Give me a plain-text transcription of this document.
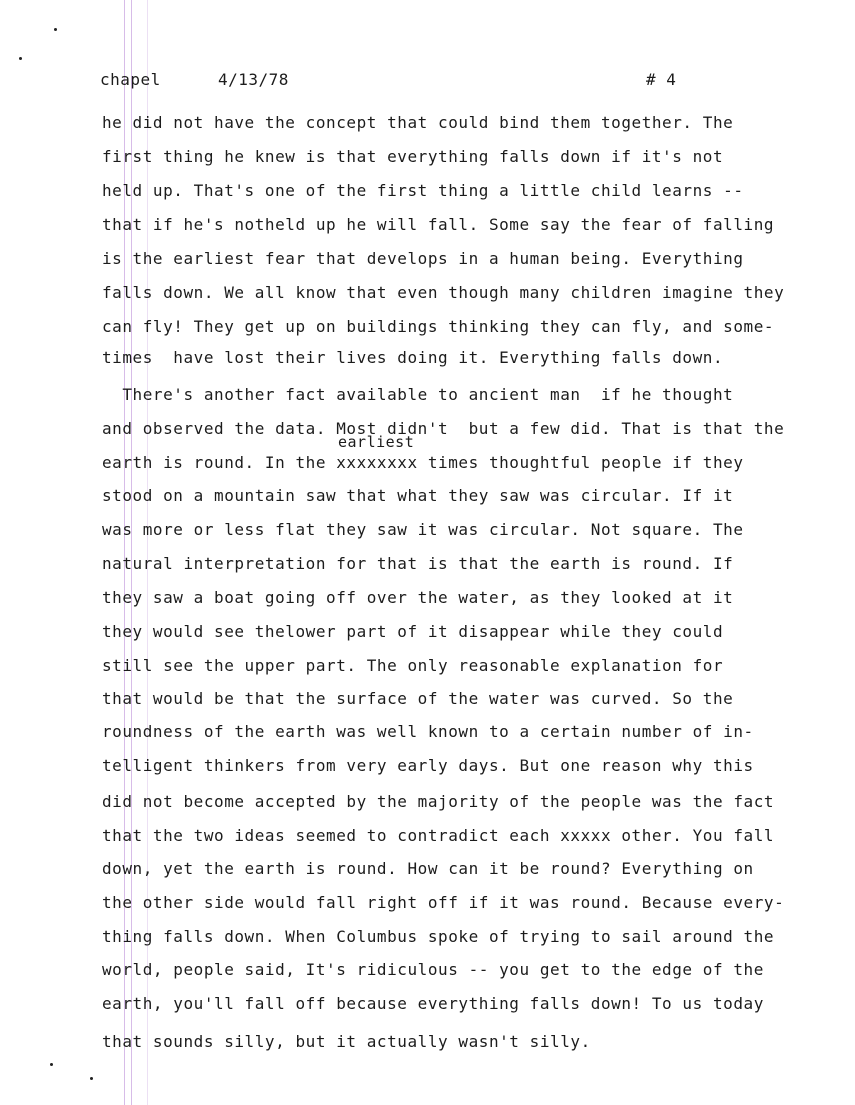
chapel	4/13/78	# 4
earliest
he did not have the concept that could bind them together. The
first thing he knew is that everything falls down if it's not
held up. That's one of the first thing a little child learns --
that if he's notheld up he will fall. Some say the fear of falling
is the earliest fear that develops in a human being. Everything
falls down. We all know that even though many children imagine they
can fly! They get up on buildings thinking they can fly, and some-
times  have lost their lives doing it. Everything falls down.
There's another fact available to ancient man  if he thought
and observed the data. Most didn't  but a few did. That is that the
earth is round. In the xxxxxxxx times thoughtful people if they
stood on a mountain saw that what they saw was circular. If it
was more or less flat they saw it was circular. Not square. The
natural interpretation for that is that the earth is round. If
they saw a boat going off over the water, as they looked at it
they would see thelower part of it disappear while they could
still see the upper part. The only reasonable explanation for
that would be that the surface of the water was curved. So the
roundness of the earth was well known to a certain number of in-
telligent thinkers from very early days. But one reason why this
did not become accepted by the majority of the people was the fact
that the two ideas seemed to contradict each xxxxx other. You fall
down, yet the earth is round. How can it be round? Everything on
the other side would fall right off if it was round. Because every-
thing falls down. When Columbus spoke of trying to sail around the
world, people said, It's ridiculous -- you get to the edge of the
earth, you'll fall off because everything falls down! To us today
that sounds silly, but it actually wasn't silly.
